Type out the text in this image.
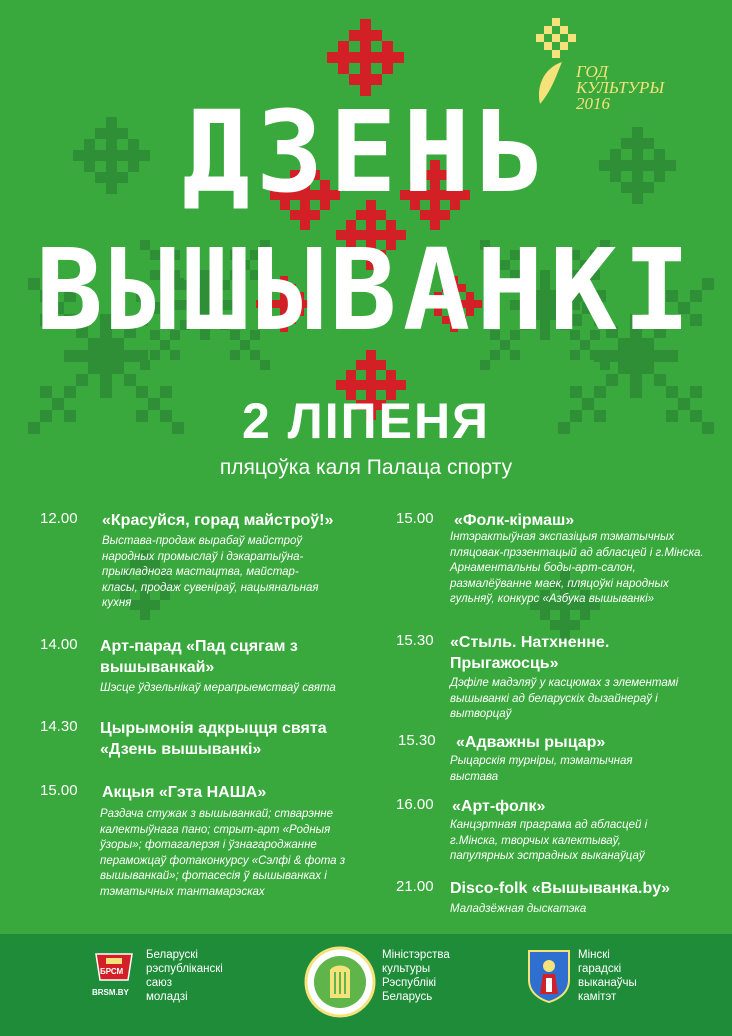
ГОД
КУЛЬТУРЫ
2016
ДЗЕНЬ
ВЫШЫВАНКІ
2 ЛІПЕНЯ
пляцоўка каля Палаца спорту
12.00 «Красуйся, горад майстроў!»
Выстава-продаж вырабаў майстроў народных промыслаў і дэкаратыўна-прыкладнога мастацтва, майстар-класы, продаж сувеніраў, нацыянальная кухня
14.00 Арт-парад «Пад сцягам з вышыванкай»
Шэсце ўдзельнікаў мерапрыемстваў свята
14.30 Цырымонія адкрыцця свята «Дзень вышыванкі»
15.00 Акцыя «Гэта НАША»
Раздача стужак з вышыванкай; стварэнне калектыўнага пано; стрыт-арт «Родныя ўзоры»; фотагалерэя і ўзнагароджанне пераможцаў фотаконкурсу «Сэлфі & фота з вышыванкай»; фотасесія ў вышыванках і тэматычных тантамарэсках
15.00 «Фолк-кірмаш»
Інтэрактыўная экспазіцыя тэматычных пляцовак-прэзентацый ад абласцей і г.Мінска. Арнаментальны боды-арт-салон, размалёўванне маек, пляцоўкі народных гульняў, конкурс «Азбука вышыванкі»
15.30 «Стыль. Натхненне. Прыгажосць»
Дэфіле мадэляў у касцюмах з элементамі вышыванкі ад беларускіх дызайнераў і вытворцаў
15.30 «Адважны рыцар»
Рыцарскія турніры, тэматычная выстава
16.00 «Арт-фолк»
Канцэртная праграма ад абласцей і г.Мінска, творчых калектываў, папулярных эстрадных выканаўцаў
21.00 Disco-folk «Вышыванка.by»
Маладзёжная дыскатэка
БРСМ
BRSM.BY
Беларускі
рэспубліканскі
саюз
моладзі
Міністэрства
культуры
Рэспублікі
Беларусь
Мінскі
гарадскі
выканаўчы
камітэт
